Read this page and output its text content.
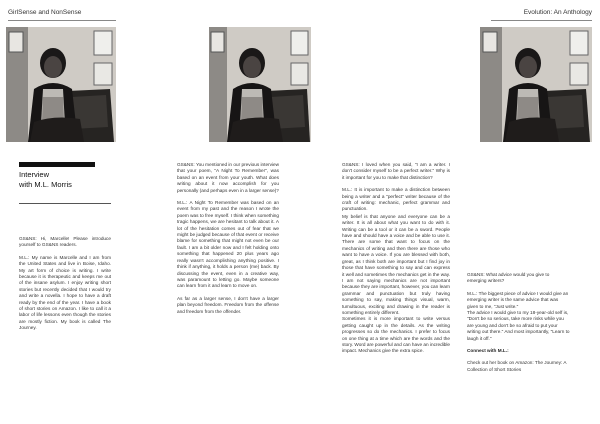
GirlSense and NonSense	Evolution: An Anthology
Interview
with M.L. Morris

GS&NS: Hi, Marcelle! Please introduce yourself to GS&NS readers.

M.L.: My name is Marcelle and I am from the United States and live in Boise, Idaho. My art form of choice is writing. I write because it is therapeutic and keeps me out of the insane asylum. I enjoy writing short stories but recently decided that I would try and write a novella. I hope to have a draft ready by the end of the year. I have a book of short stories on Amazon. I like to call it a labor of life lessons even though the stories are mostly fiction. My book is called The Journey.

GS&NS: You mentioned in our previous interview that your poem, "A Night To Remember", was based on an event from your youth. What does writing about it now accomplish for you personally (and perhaps even in a larger sense)?

M.L.: A Night To Remember was based on an event from my past and the reason I wrote the poem was to free myself. I think when something tragic happens, we are hesitant to talk about it. A lot of the hesitation comes out of fear that we might be judged because of that event or receive blame for something that might not even be our fault. I am a bit older now and I felt holding onto something that happened 20 plus years ago really wasn't accomplishing anything positive. I think if anything, it holds a person (me) back. By discussing the event, even in a creative way, was paramount to letting go. Maybe someone can learn from it and learn to move on.

As far as a larger sense, I don't have a larger plan beyond freedom. Freedom from the offense and freedom from the offender.

GS&NS: I loved when you said, "I am a writer. I don't consider myself to be a perfect writer." Why is it important for you to make that distinction?

M.L.: It is important to make a distinction between being a writer and a "perfect" writer because of the craft of writing: mechanic, perfect grammar and punctuation.

My belief is that anyone and everyone can be a writer. It is all about what you want to do with it. Writing can be a tool or it can be a sword. People have and should have a voice and be able to use it. There are some that want to focus on the mechanics of writing and then there are those who want to have a voice. If you are blessed with both, great, as I think both are important but I find joy in those that have something to say and can express it well and sometimes the mechanics get in the way. I am not saying mechanics are not important because they are important, however, you can learn grammar and punctuation but truly having something to say, making things visual, warm, tumultuous, exciting and drawing in the reader is something entirely different.

Sometimes it is more important to write versus getting caught up in the details. As the writing progresses so do the mechanics. I prefer to focus on one thing at a time which are the words and the story. Word are powerful and can have an incredible impact. Mechanics give the extra spice.

GS&NS: What advice would you give to emerging writers?

M.L.: The biggest piece of advice I would give an emerging writer is the same advice that was given to me, "Just write."

The advice I would give to my 18-year-old self is, "Don't be so serious, take more risks while you are young and don't be so afraid to put your writing out there." And most importantly, "Learn to laugh it off."

Connect with M.L.:

Check out her book on Amazon: The Journey: A Collection of Short Stories
